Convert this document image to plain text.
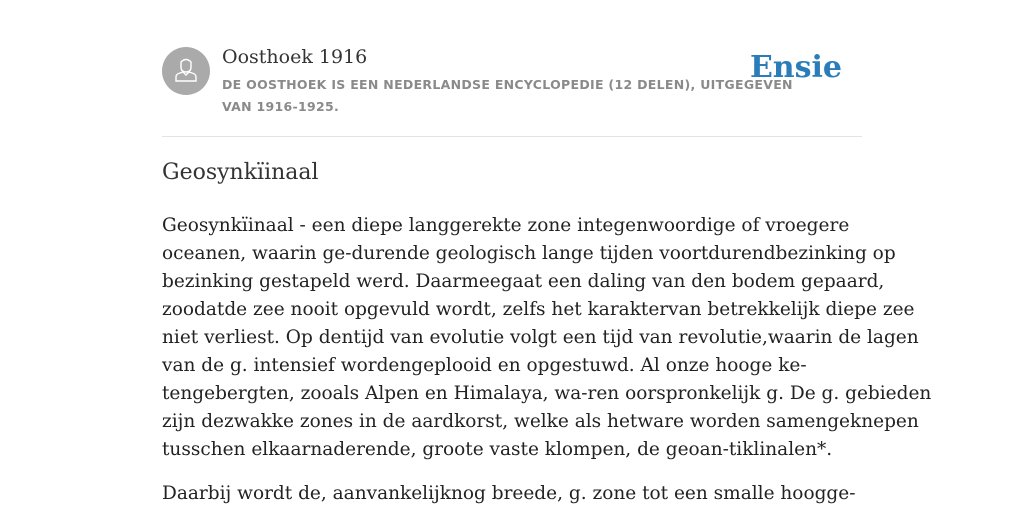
Oosthoek 1916
DE OOSTHOEK IS EEN NEDERLANDSE ENCYCLOPEDIE (12 DELEN), UITGEGEVEN
VAN 1916-1925.
Ensie
Geosynkïinaal

Geosynkïinaal - een diepe langgerekte zone integenwoordige of vroegere
oceanen, waarin ge-durende geologisch lange tijden voortdurendbezinking op
bezinking gestapeld werd. Daarmeegaat een daling van den bodem gepaard,
zoodatde zee nooit opgevuld wordt, zelfs het karaktervan betrekkelijk diepe zee
niet verliest. Op dentijd van evolutie volgt een tijd van revolutie,waarin de lagen
van de g. intensief wordengeplooid en opgestuwd. Al onze hooge ke-
tengebergten, zooals Alpen en Himalaya, wa-ren oorspronkelijk g. De g. gebieden
zijn dezwakke zones in de aardkorst, welke als hetware worden samengeknepen
tusschen elkaarnaderende, groote vaste klompen, de geoan-tiklinalen*.

Daarbij wordt de, aanvankelijknog breede, g. zone tot een smalle hoogge-
